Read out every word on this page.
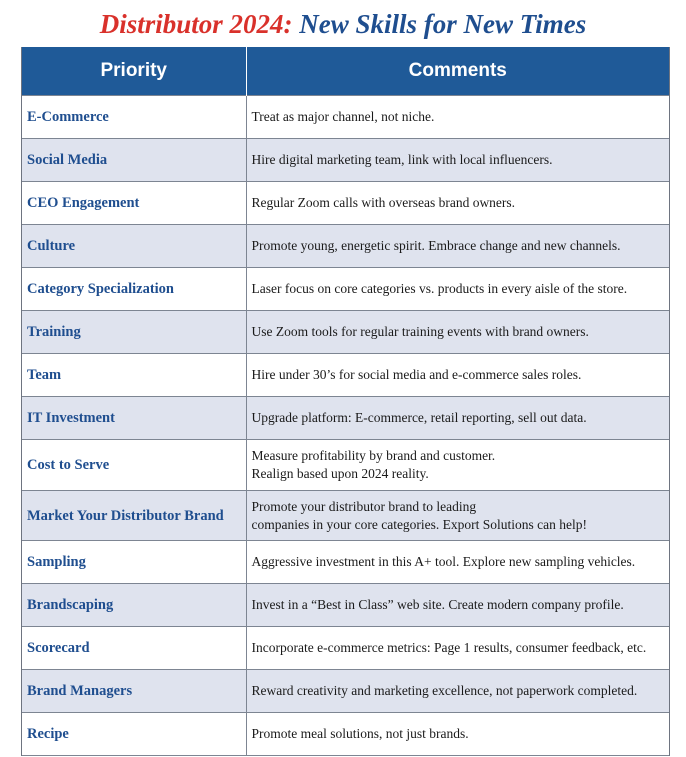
Distributor 2024: New Skills for New Times
Priority	Comments
E-Commerce	Treat as major channel, not niche.

Social Media	Hire digital marketing team, link with local influencers.

CEO Engagement	Regular Zoom calls with overseas brand owners.

Culture	Promote young, energetic spirit. Embrace change and new channels.

Category Specialization	Laser focus on core categories vs. products in every aisle of the store.

Training	Use Zoom tools for regular training events with brand owners.

Team	Hire under 30’s for social media and e-commerce sales roles.

IT Investment	Upgrade platform: E-commerce, retail reporting, sell out data.

Cost to Serve	Measure profitability by brand and customer.
Realign based upon 2024 reality.

Market Your Distributor Brand	Promote your distributor brand to leading
companies in your core categories. Export Solutions can help!

Sampling	Aggressive investment in this A+ tool. Explore new sampling vehicles.

Brandscaping	Invest in a “Best in Class” web site. Create modern company profile.

Scorecard	Incorporate e-commerce metrics: Page 1 results, consumer feedback, etc.

Brand Managers	Reward creativity and marketing excellence, not paperwork completed.

Recipe	Promote meal solutions, not just brands.
